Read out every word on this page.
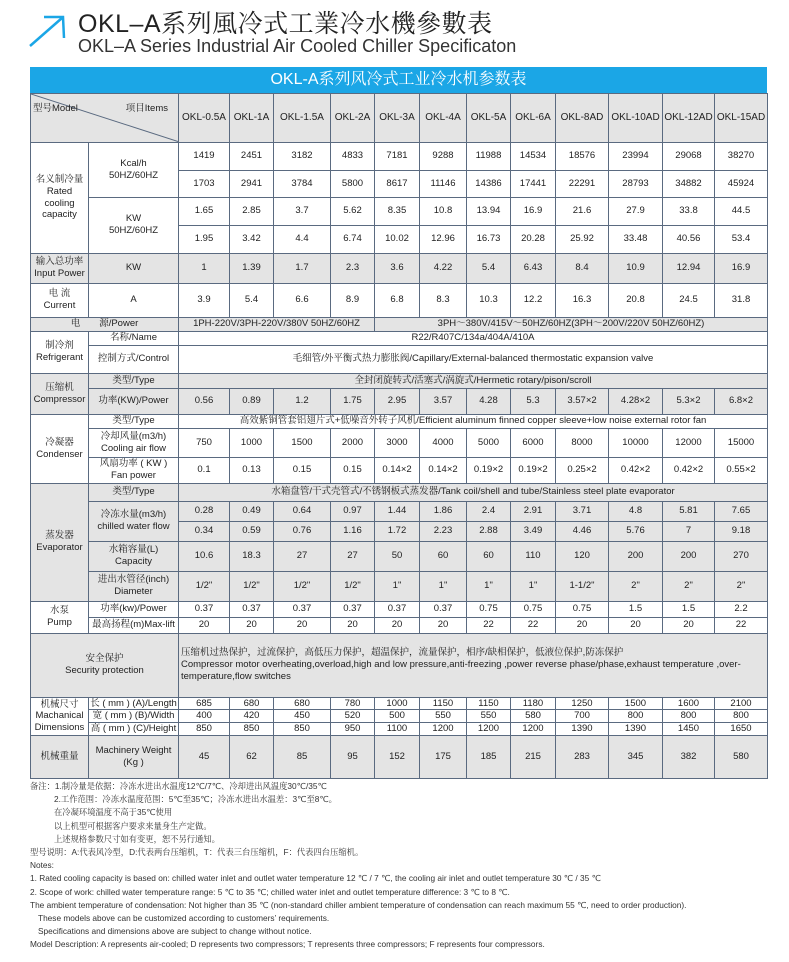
OKL–A系列風冷式工業冷水機參數表
OKL–A Series Industrial Air Cooled Chiller Specificaton
OKL-A系列风冷式工业冷水机参数表

型号Model 项目Items		OKL-0.5A	OKL-1A	OKL-1.5A	OKL-2A	OKL-3A	OKL-4A	OKL-5A	OKL-6A	OKL-8AD	OKL-10AD	OKL-12AD	OKL-15AD
名义制冷量
Rated
cooling
capacity	Kcal/h
50HZ/60HZ	1419	2451	3182	4833	7181	9288	11988	14534	18576	23994	29068	38270
		1703	2941	3784	5800	8617	11146	14386	17441	22291	28793	34882	45924
	KW
50HZ/60HZ	1.65	2.85	3.7	5.62	8.35	10.8	13.94	16.9	21.6	27.9	33.8	44.5
		1.95	3.42	4.4	6.74	10.02	12.96	16.73	20.28	25.92	33.48	40.56	53.4
输入总功率
Input Power	KW	1	1.39	1.7	2.3	3.6	4.22	5.4	6.43	8.4	10.9	12.94	16.9
电 流
Current	A	3.9	5.4	6.6	8.9	6.8	8.3	10.3	12.2	16.3	20.8	24.5	31.8
电　　源/Power		1PH-220V/3PH-220V/380V 50HZ/60HZ				3PH～380V/415V～50HZ/60HZ(3PH～200V/220V 50HZ/60HZ)							
制冷剂
Refrigerant	名称/Name	R22/R407C/134a/404A/410A											
	控制方式/Control	毛细管/外平衡式热力膨胀阀/Capillary/External-balanced thermostatic expansion valve											
压缩机
Compressor	类型/Type	全封闭旋转式/活塞式/涡旋式/Hermetic rotary/pison/scroll											
	功率(KW)/Power	0.56	0.89	1.2	1.75	2.95	3.57	4.28	5.3	3.57×2	4.28×2	5.3×2	6.8×2
冷凝器
Condenser	类型/Type	高效紫铜管套铝翅片式+低噪音外转子风机/Efficient aluminum finned copper sleeve+low noise external rotor fan											
	冷却风量(m3/h)
Cooling air flow	750	1000	1500	2000	3000	4000	5000	6000	8000	10000	12000	15000
	风扇功率 ( KW )
Fan power	0.1	0.13	0.15	0.15	0.14×2	0.14×2	0.19×2	0.19×2	0.25×2	0.42×2	0.42×2	0.55×2
蒸发器
Evaporator	类型/Type	水箱盘管/干式壳管式/不锈钢板式蒸发器/Tank coil/shell and tube/Stainless steel plate evaporator											
	冷冻水量(m3/h)
chilled water flow	0.28	0.49	0.64	0.97	1.44	1.86	2.4	2.91	3.71	4.8	5.81	7.65
		0.34	0.59	0.76	1.16	1.72	2.23	2.88	3.49	4.46	5.76	7	9.18
	水箱容量(L)
Capacity	10.6	18.3	27	27	50	60	60	110	120	200	200	270
	进出水管径(inch)
Diameter	1/2"	1/2"	1/2"	1/2"	1"	1"	1"	1"	1-1/2"	2"	2"	2"
水泵
Pump	功率(kw)/Power	0.37	0.37	0.37	0.37	0.37	0.37	0.75	0.75	0.75	1.5	1.5	2.2
	最高扬程(m)Max-lift	20	20	20	20	20	20	22	22	20	20	20	22
安全保护
Security protection		压缩机过热保护，过流保护，高低压力保护，超温保护，流量保护，相序/缺相保护，低液位保护,防冻保护
Compressor motor overheating,overload,high and low pressure,anti-freezing ,power reverse phase/phase,exhaust temperature ,over-temperature,flow switches											
机械尺寸
Machanical
Dimensions	长 ( mm ) (A)/Length	685	680	680	780	1000	1150	1150	1180	1250	1500	1600	2100
	宽 ( mm ) (B)/Width	400	420	450	520	500	550	550	580	700	800	800	800
	高 ( mm ) (C)/Height	850	850	850	950	1100	1200	1200	1200	1390	1390	1450	1650
机械重量	Machinery Weight
(Kg )	45	62	85	95	152	175	185	215	283	345	382	580
备注：1.制冷量是依据：冷冻水进出水温度12℃/7℃、冷却进出风温度30℃/35℃
2.工作范围：冷冻水温度范围：5℃至35℃；冷冻水进出水温差：3℃至8℃。
在冷凝环境温度不高于35℃使用
以上机型可根据客户要求来量身生产定做。
上述规格参数尺寸如有变更，恕不另行通知。
型号说明：A:代表风冷型，D:代表两台压缩机，T：代表三台压缩机，F：代表四台压缩机。
Notes:
1. Rated cooling capacity is based on: chilled water inlet and outlet water temperature 12 ℃ / 7 ℃, the cooling air inlet and outlet temperature 30 ℃ / 35 ℃
2. Scope of work: chilled water temperature range: 5 ℃ to 35 ℃; chilled water inlet and outlet temperature difference: 3 ℃ to 8 ℃.
The ambient temperature of condensation: Not higher than 35 ℃ (non-standard chiller ambient temperature of condensation can reach maximum 55 ℃, need to order production).
These models above can be customized according to customers’ requirements.
Specifications and dimensions above are subject to change without notice.
Model Description: A represents air-cooled; D represents two compressors; T represents three compressors; F represents four compressors.
